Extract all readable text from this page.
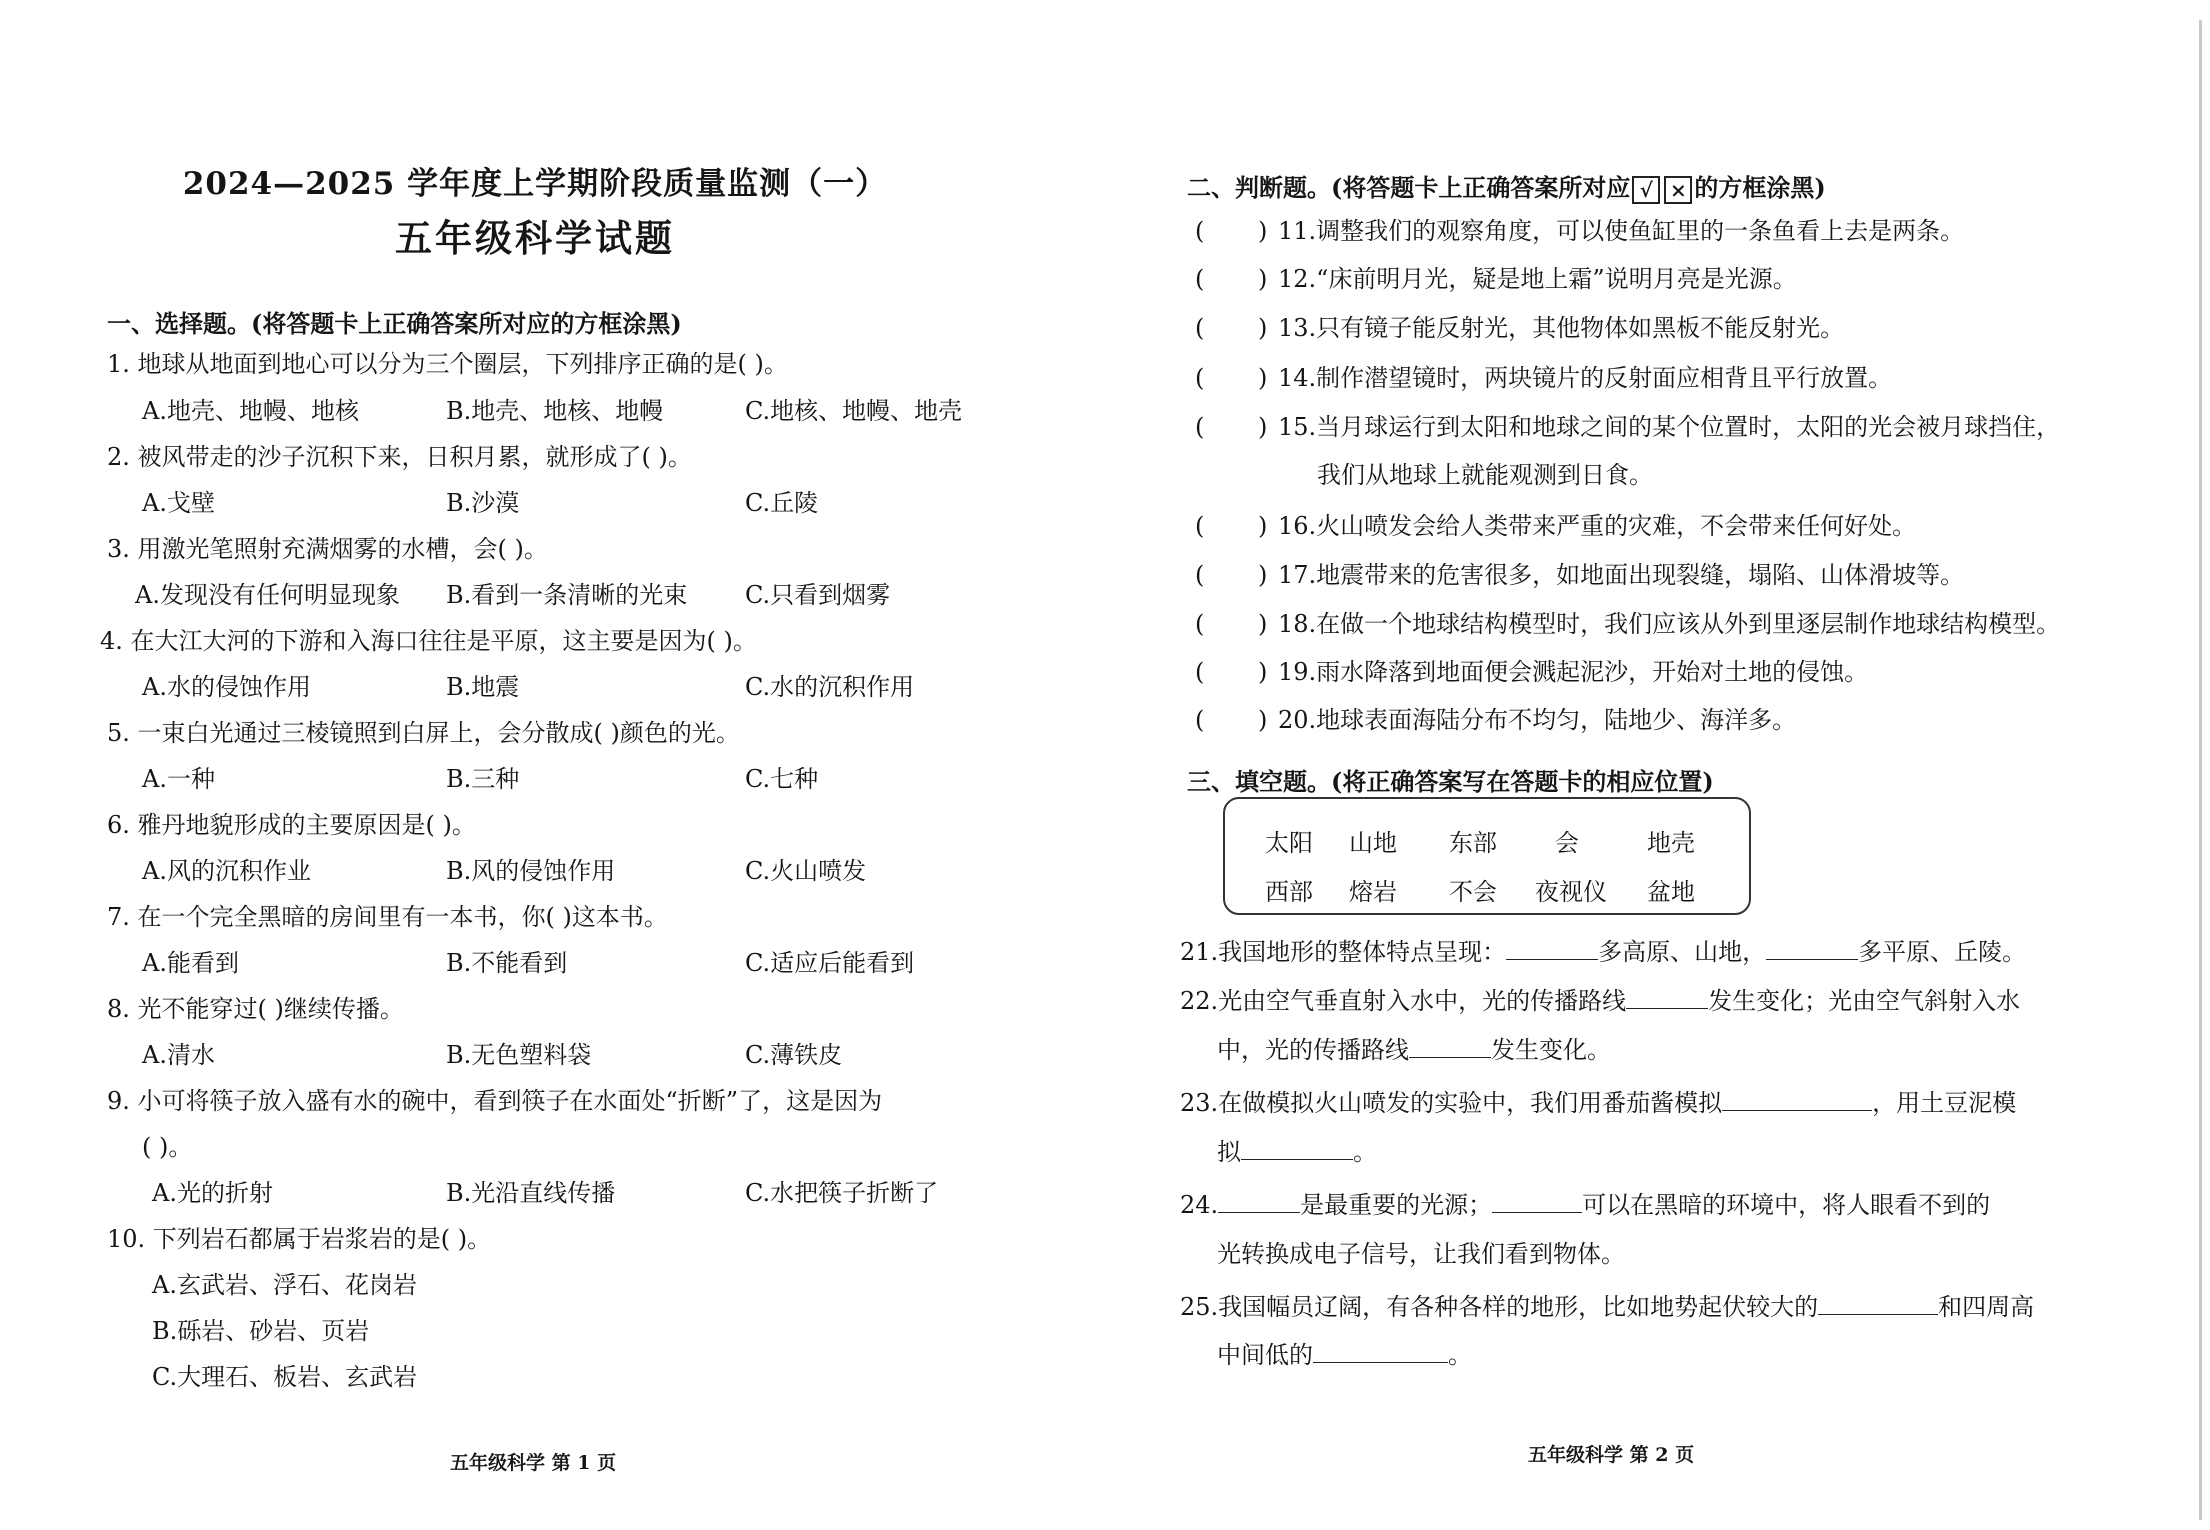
2024—2025 学年度上学期阶段质量监测（一）
五年级科学试题
一、选择题。(将答题卡上正确答案所对应的方框涂黑)
1. 地球从地面到地心可以分为三个圈层，下列排序正确的是( )。
A.地壳、地幔、地核	B.地壳、地核、地幔	C.地核、地幔、地壳
2. 被风带走的沙子沉积下来，日积月累，就形成了( )。
A.戈壁	B.沙漠	C.丘陵
3. 用激光笔照射充满烟雾的水槽，会( )。
A.发现没有任何明显现象 B.看到一条清晰的光束 C.只看到烟雾
4. 在大江大河的下游和入海口往往是平原，这主要是因为( )。
A.水的侵蚀作用	B.地震	C.水的沉积作用
5. 一束白光通过三棱镜照到白屏上，会分散成( )颜色的光。
A.一种	B.三种	C.七种
6. 雅丹地貌形成的主要原因是( )。
A.风的沉积作业	B.风的侵蚀作用	C.火山喷发
7. 在一个完全黑暗的房间里有一本书，你( )这本书。
A.能看到	B.不能看到	C.适应后能看到
8. 光不能穿过( )继续传播。
A.清水	B.无色塑料袋	C.薄铁皮
9. 小可将筷子放入盛有水的碗中，看到筷子在水面处“折断”了，这是因为
( )。
A.光的折射	B.光沿直线传播	C.水把筷子折断了
10. 下列岩石都属于岩浆岩的是( )。
A.玄武岩、浮石、花岗岩
B.砾岩、砂岩、页岩
C.大理石、板岩、玄武岩
五年级科学 第 1 页
二、判断题。(将答题卡上正确答案所对应 √ × 的方框涂黑)
( ) 11.调整我们的观察角度，可以使鱼缸里的一条鱼看上去是两条。
( ) 12.“床前明月光，疑是地上霜”说明月亮是光源。
( ) 13.只有镜子能反射光，其他物体如黑板不能反射光。
( ) 14.制作潜望镜时，两块镜片的反射面应相背且平行放置。
( ) 15.当月球运行到太阳和地球之间的某个位置时，太阳的光会被月球挡住，
我们从地球上就能观测到日食。
( ) 16.火山喷发会给人类带来严重的灾难，不会带来任何好处。
( ) 17.地震带来的危害很多，如地面出现裂缝，塌陷、山体滑坡等。
( ) 18.在做一个地球结构模型时，我们应该从外到里逐层制作地球结构模型。
( ) 19.雨水降落到地面便会溅起泥沙，开始对土地的侵蚀。
( ) 20.地球表面海陆分布不均匀，陆地少、海洋多。
三、填空题。(将正确答案写在答题卡的相应位置)
太阳 山地 东部 会	地壳
西部 熔岩 不会 夜视仪 盆地
21.我国地形的整体特点呈现：	多高原、山地，	多平原、丘陵。
22.光由空气垂直射入水中，光的传播路线	发生变化；光由空气斜射入水
中，光的传播路线	发生变化。
23.在做模拟火山喷发的实验中，我们用番茄酱模拟	，用土豆泥模
拟	。
24.	是最重要的光源；	可以在黑暗的环境中，将人眼看不到的
光转换成电子信号，让我们看到物体。
25.我国幅员辽阔，有各种各样的地形，比如地势起伏较大的	和四周高
中间低的	。
五年级科学 第 2 页
